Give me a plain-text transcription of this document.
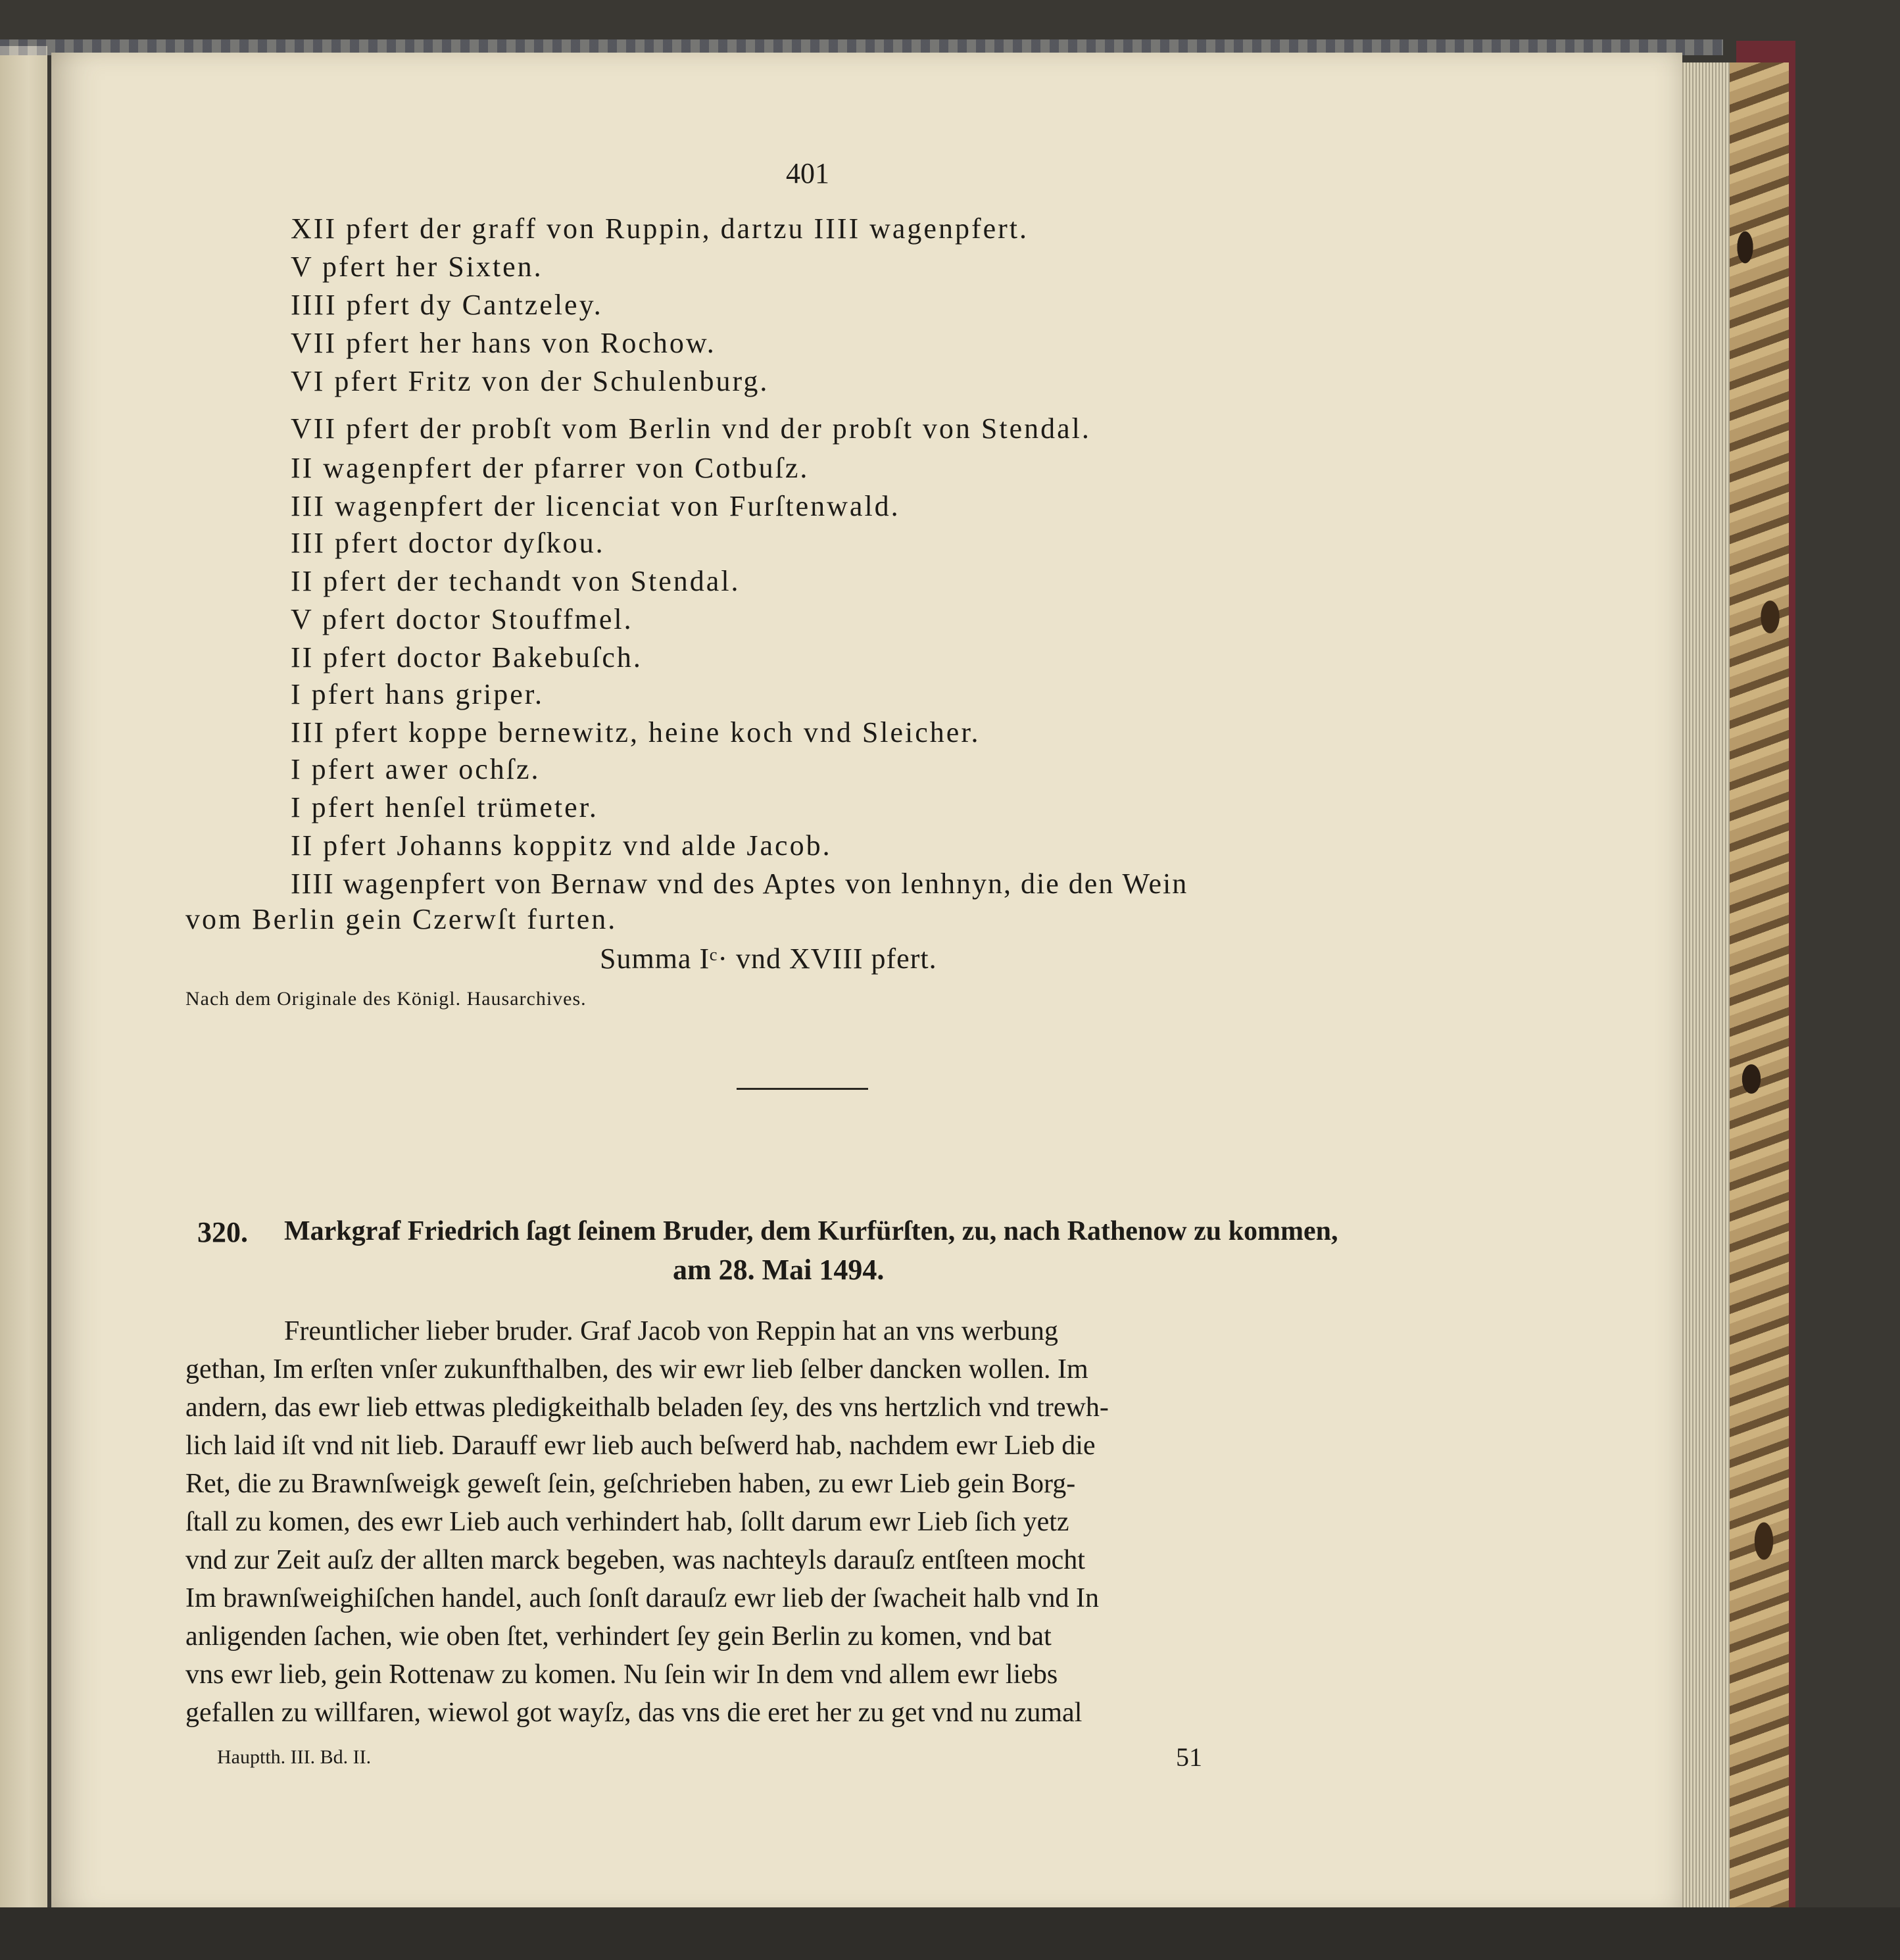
401
XII pfert der graff von Ruppin, dartzu IIII wagenpfert.
V pfert her Sixten.
IIII pfert dy Cantzeley.
VII pfert her hans von Rochow.
VI pfert Fritz von der Schulenburg.
VII pfert der probſt vom Berlin vnd der probſt von Stendal.
II wagenpfert der pfarrer von Cotbuſz.
III wagenpfert der licenciat von Furſtenwald.
III pfert doctor dyſkou.
II pfert der techandt von Stendal.
V pfert doctor Stouffmel.
II pfert doctor Bakebuſch.
I pfert hans griper.
III pfert koppe bernewitz, heine koch vnd Sleicher.
I pfert awer ochſz.
I pfert henſel trümeter.
II pfert Johanns koppitz vnd alde Jacob.
IIII wagenpfert von Bernaw vnd des Aptes von lenhnyn, die den Wein
vom Berlin gein Czerwſt furten.
Summa Iᶜ· vnd XVIII pfert.
Nach dem Originale des Königl. Hausarchives.
320. Markgraf Friedrich ſagt ſeinem Bruder, dem Kurfürſten, zu, nach Rathenow zu kommen,
am 28. Mai 1494.
Freuntlicher lieber bruder. Graf Jacob von Reppin hat an vns werbung
gethan, Im erſten vnſer zukunfthalben, des wir ewr lieb ſelber dancken wollen. Im
andern, das ewr lieb ettwas pledigkeithalb beladen ſey, des vns hertzlich vnd trewh-
lich laid iſt vnd nit lieb. Darauff ewr lieb auch beſwerd hab, nachdem ewr Lieb die
Ret, die zu Brawnſweigk geweſt ſein, geſchrieben haben, zu ewr Lieb gein Borg-
ſtall zu komen, des ewr Lieb auch verhindert hab, ſollt darum ewr Lieb ſich yetz
vnd zur Zeit auſz der allten marck begeben, was nachteyls darauſz entſteen mocht
Im brawnſweighiſchen handel, auch ſonſt darauſz ewr lieb der ſwacheit halb vnd In
anligenden ſachen, wie oben ſtet, verhindert ſey gein Berlin zu komen, vnd bat
vns ewr lieb, gein Rottenaw zu komen. Nu ſein wir In dem vnd allem ewr liebs
gefallen zu willfaren, wiewol got wayſz, das vns die eret her zu get vnd nu zumal
Hauptth. III. Bd. II.	51
